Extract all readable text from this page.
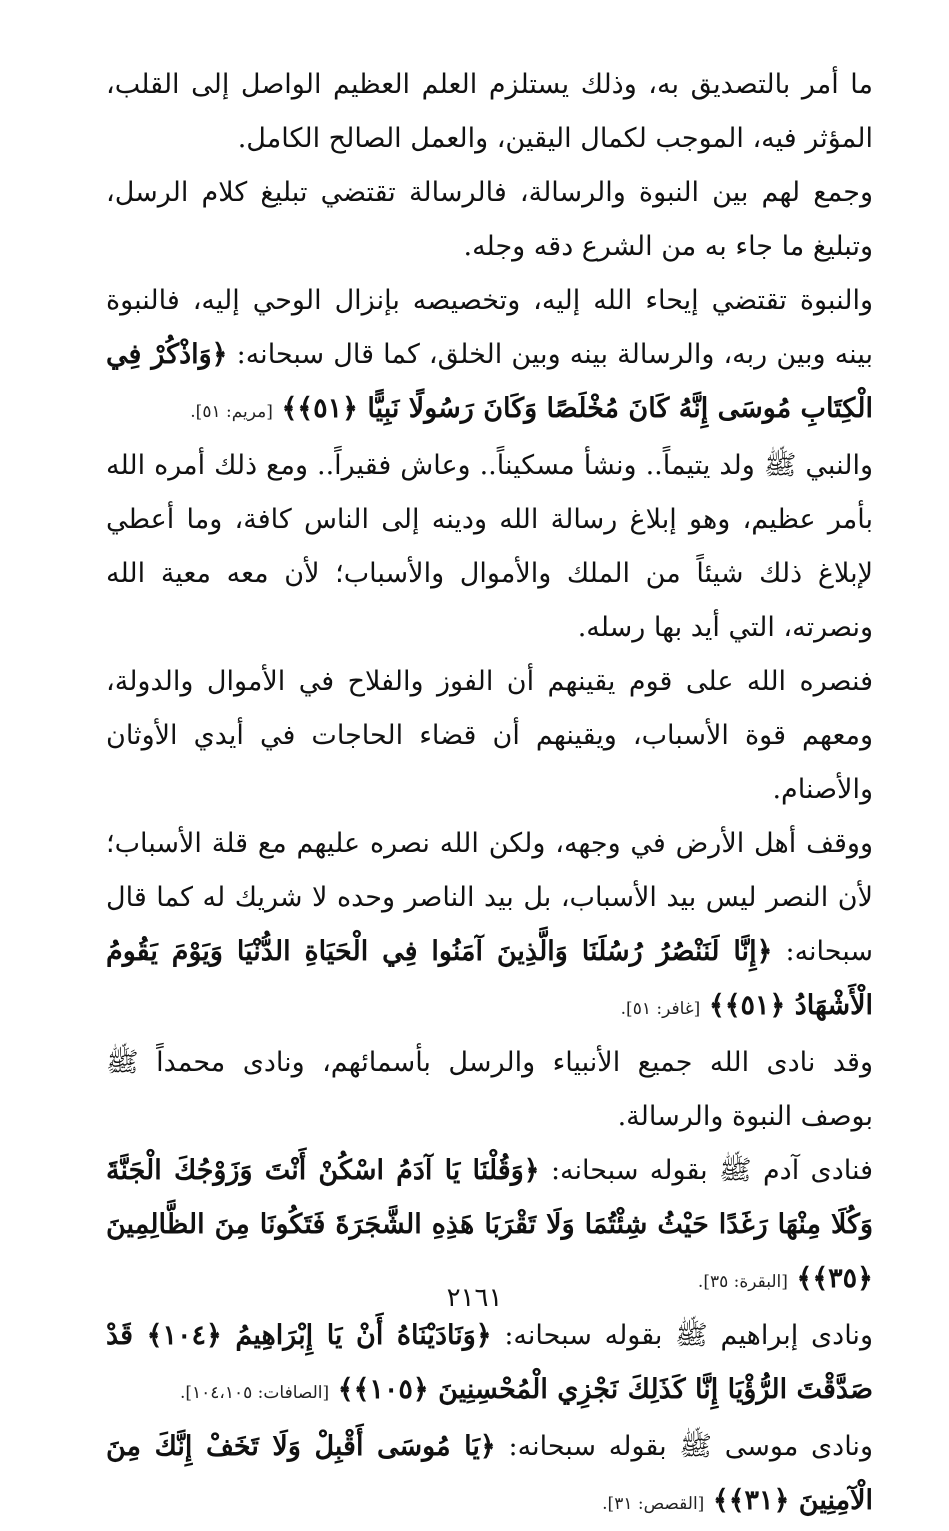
ما أمر بالتصديق به، وذلك يستلزم العلم العظيم الواصل إلى القلب، المؤثر فيه، الموجب لكمال اليقين، والعمل الصالح الكامل.

وجمع لهم بين النبوة والرسالة، فالرسالة تقتضي تبليغ كلام الرسل، وتبليغ ما جاء به من الشرع دقه وجله.

والنبوة تقتضي إيحاء الله إليه، وتخصيصه بإنزال الوحي إليه، فالنبوة بينه وبين ربه، والرسالة بينه وبين الخلق، كما قال سبحانه: ﴿وَاذْكُرْ فِي الْكِتَابِ مُوسَى إِنَّهُ كَانَ مُخْلَصًا وَكَانَ رَسُولًا نَبِيًّا ﴿٥١﴾﴾ [مريم: ٥١].

والنبي ﷺ ولد يتيماً.. ونشأ مسكيناً.. وعاش فقيراً.. ومع ذلك أمره الله بأمر عظيم، وهو إبلاغ رسالة الله ودينه إلى الناس كافة، وما أعطي لإبلاغ ذلك شيئاً من الملك والأموال والأسباب؛ لأن معه معية الله ونصرته، التي أيد بها رسله.

فنصره الله على قوم يقينهم أن الفوز والفلاح في الأموال والدولة، ومعهم قوة الأسباب، ويقينهم أن قضاء الحاجات في أيدي الأوثان والأصنام.

ووقف أهل الأرض في وجهه، ولكن الله نصره عليهم مع قلة الأسباب؛ لأن النصر ليس بيد الأسباب، بل بيد الناصر وحده لا شريك له كما قال سبحانه: ﴿إِنَّا لَنَنْصُرُ رُسُلَنَا وَالَّذِينَ آمَنُوا فِي الْحَيَاةِ الدُّنْيَا وَيَوْمَ يَقُومُ الْأَشْهَادُ ﴿٥١﴾﴾ [غافر: ٥١].

وقد نادى الله جميع الأنبياء والرسل بأسمائهم، ونادى محمداً ﷺ بوصف النبوة والرسالة.

فنادى آدم ﷺ بقوله سبحانه: ﴿وَقُلْنَا يَا آدَمُ اسْكُنْ أَنْتَ وَزَوْجُكَ الْجَنَّةَ وَكُلَا مِنْهَا رَغَدًا حَيْثُ شِئْتُمَا وَلَا تَقْرَبَا هَذِهِ الشَّجَرَةَ فَتَكُونَا مِنَ الظَّالِمِينَ ﴿٣٥﴾﴾ [البقرة: ٣٥].

ونادى إبراهيم ﷺ بقوله سبحانه: ﴿وَنَادَيْنَاهُ أَنْ يَا إِبْرَاهِيمُ ﴿١٠٤﴾ قَدْ صَدَّقْتَ الرُّؤْيَا إِنَّا كَذَلِكَ نَجْزِي الْمُحْسِنِينَ ﴿١٠٥﴾﴾ [الصافات: ١٠٤،١٠٥].

ونادى موسى ﷺ بقوله سبحانه: ﴿يَا مُوسَى أَقْبِلْ وَلَا تَخَفْ إِنَّكَ مِنَ الْآمِنِينَ ﴿٣١﴾﴾ [القصص: ٣١].

٢١٦١
